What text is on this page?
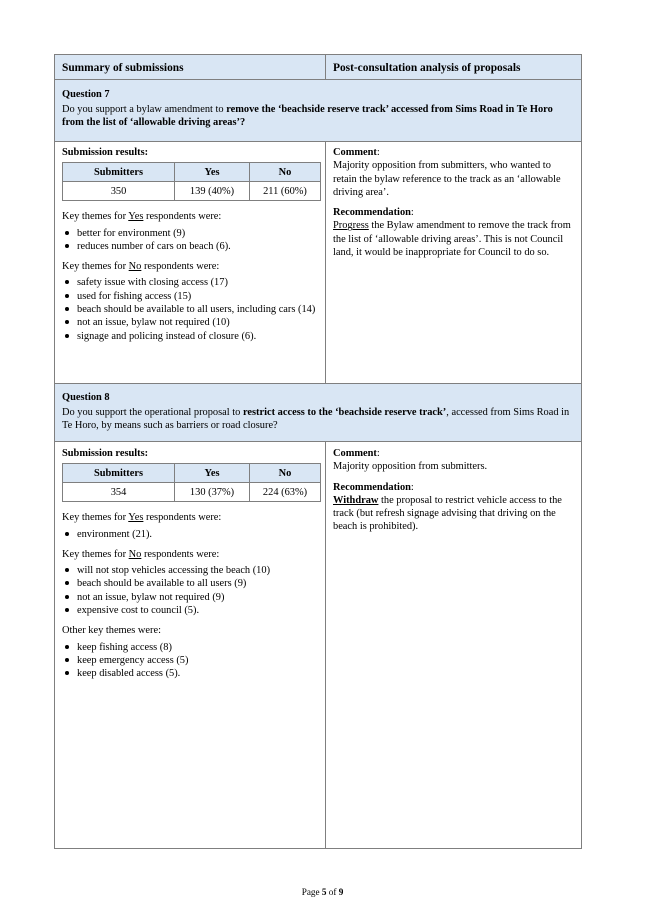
Summary of submissions	Post-consultation analysis of proposals
Question 7
Do you support a bylaw amendment to remove the ‘beachside reserve track’ accessed from Sims Road in Te Horo from the list of ‘allowable driving areas’?
Submission results:
Submitters	Yes	No
350	139 (40%)	211 (60%)
Key themes for Yes respondents were:
better for environment (9)
reduces number of cars on beach (6).
Key themes for No respondents were:
safety issue with closing access (17)
used for fishing access (15)
beach should be available to all users, including cars (14)
not an issue, bylaw not required (10)
signage and policing instead of closure (6).
Comment:
Majority opposition from submitters, who wanted to retain the bylaw reference to the track as an ‘allowable driving area’.
Recommendation:
Progress the Bylaw amendment to remove the track from the list of ‘allowable driving areas’. This is not Council land, it would be inappropriate for Council to do so.
Question 8
Do you support the operational proposal to restrict access to the ‘beachside reserve track’, accessed from Sims Road in Te Horo, by means such as barriers or road closure?
Submission results:
Submitters	Yes	No
354	130 (37%)	224 (63%)
Key themes for Yes respondents were:
environment (21).
Key themes for No respondents were:
will not stop vehicles accessing the beach (10)
beach should be available to all users (9)
not an issue, bylaw not required (9)
expensive cost to council (5).
Other key themes were:
keep fishing access (8)
keep emergency access (5)
keep disabled access (5).
Comment:
Majority opposition from submitters.
Recommendation:
Withdraw the proposal to restrict vehicle access to the track (but refresh signage advising that driving on the beach is prohibited).
Page 5 of 9
